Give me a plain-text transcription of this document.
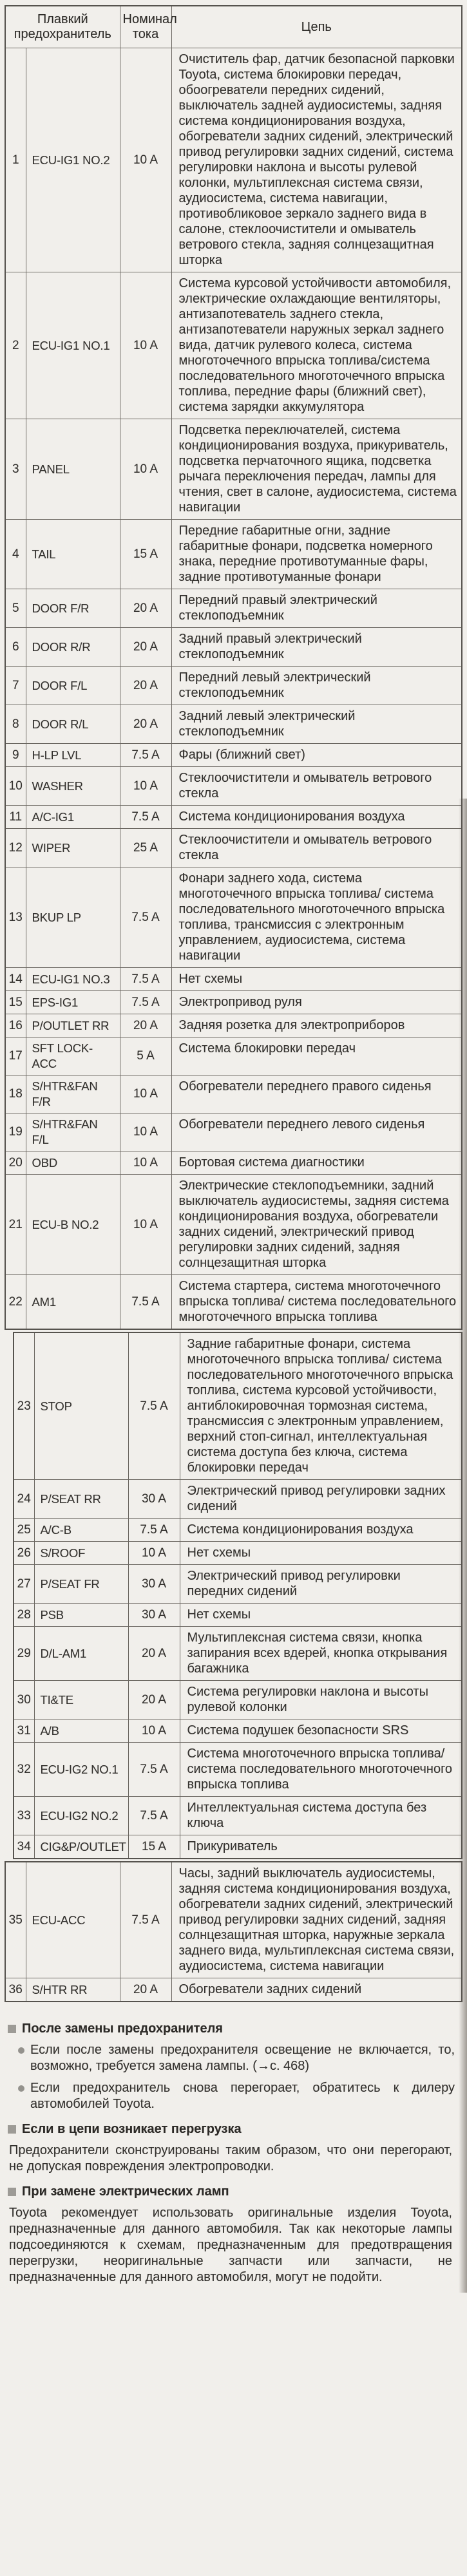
Плавкий предохранитель		Номинал тока	Цепь
1	ECU-IG1 NO.2	10 A	Очиститель фар, датчик безопасной парковки Toyota, система блокировки передач, обоогреватели передних сидений, выключатель задней аудиосистемы, задняя система кондиционирования воздуха, обогреватели задних сидений, электрический привод регулировки задних сидений, система регулировки наклона и высоты рулевой колонки, мультиплексная система связи, аудиосистема, система навигации, противобликовое зеркало заднего вида в салоне, стеклоочистители и омыватель ветрового стекла, задняя солнцезащитная шторка
2	ECU-IG1 NO.1	10 A	Система курсовой устойчивости автомобиля, электрические охлаждающие вентиляторы, антизапотеватель заднего стекла, антизапотеватели наружных зеркал заднего вида, датчик рулевого колеса, система многоточечного впрыска топлива/система последовательного многоточечного впрыска топлива, передние фары (ближний свет), система зарядки аккумулятора
3	PANEL	10 A	Подсветка переключателей, система кондиционирования воздуха, прикуриватель, подсветка перчаточного ящика, подсветка рычага переключения передач, лампы для чтения, свет в салоне, аудиосистема, система навигации
4	TAIL	15 A	Передние габаритные огни, задние габаритные фонари, подсветка номерного знака, передние противотуманные фары, задние противотуманные фонари
5	DOOR F/R	20 A	Передний правый электрический стеклоподъемник
6	DOOR R/R	20 A	Задний правый электрический стеклоподъемник
7	DOOR F/L	20 A	Передний левый электрический стеклоподъемник
8	DOOR R/L	20 A	Задний левый электрический стеклоподъемник
9	H-LP LVL	7.5 A	Фары (ближний свет)
10	WASHER	10 A	Стеклоочистители и омыватель ветрового стекла
11	A/C-IG1	7.5 A	Система кондиционирования воздуха
12	WIPER	25 A	Стеклоочистители и омыватель ветрового стекла
13	BKUP LP	7.5 A	Фонари заднего хода, система многоточечного впрыска топлива/ система последовательного многоточечного впрыска топлива, трансмиссия с электронным управлением, аудиосистема, система навигации
14	ECU-IG1 NO.3	7.5 A	Нет схемы
15	EPS-IG1	7.5 A	Электропривод руля
16	P/OUTLET RR	20 A	Задняя розетка для электроприборов
17	SFT LOCK-ACC	5 A	Система блокировки передач
18	S/HTR&FAN F/R	10 A	Обогреватели переднего правого сиденья
19	S/HTR&FAN F/L	10 A	Обогреватели переднего левого сиденья
20	OBD	10 A	Бортовая система диагностики
21	ECU-B NO.2	10 A	Электрические стеклоподъемники, задний выключатель аудиосистемы, задняя система кондиционирования воздуха, обогреватели задних сидений, электрический привод регулировки задних сидений, задняя солнцезащитная шторка
22	AM1	7.5 A	Система стартера, система многоточечного впрыска топлива/ система последовательного многоточечного впрыска топлива
23	STOP	7.5 A	Задние габаритные фонари, система многоточечного впрыска топлива/ система последовательного многоточечного впрыска топлива, система курсовой устойчивости, антиблокировочная тормозная система, трансмиссия с электронным управлением, верхний стоп-сигнал, интеллектуальная система доступа без ключа, система блокировки передач
24	P/SEAT RR	30 A	Электрический привод регулировки задних сидений
25	A/C-B	7.5 A	Система кондиционирования воздуха
26	S/ROOF	10 A	Нет схемы
27	P/SEAT FR	30 A	Электрический привод регулировки передних сидений
28	PSB	30 A	Нет схемы
29	D/L-AM1	20 A	Мультиплексная система связи, кнопка запирания всех вдерей, кнопка открывания багажника
30	TI&TE	20 A	Система регулировки наклона и высоты рулевой колонки
31	A/B	10 A	Система подушек безопасности SRS
32	ECU-IG2 NO.1	7.5 A	Система многоточечного впрыска топлива/система последовательного многоточечного впрыска топлива
33	ECU-IG2 NO.2	7.5 A	Интеллектуальная система доступа без ключа
34	CIG&P/OUTLET	15 A	Прикуриватель
35	ECU-ACC	7.5 A	Часы, задний выключатель аудиосистемы, задняя система кондиционирования воздуха, обогреватели задних сидений, электрический привод регулировки задних сидений, задняя солнцезащитная шторка, наружные зеркала заднего вида, мультиплексная система связи, аудиосистема, система навигации
36	S/HTR RR	20 A	Обогреватели задних сидений
После замены предохранителя
Если после замены предохранителя освещение не включается, то, возможно, требуется замена лампы. (→с. 468)
Если предохранитель снова перегорает, обратитесь к дилеру автомобилей Toyota.
Если в цепи возникает перегрузка
Предохранители сконструированы таким образом, что они перегорают, не допуская повреждения электропроводки.
При замене электрических ламп
Toyota рекомендует использовать оригинальные изделия Toyota, предназначенные для данного автомобиля. Так как некоторые лампы подсоединяются к схемам, предназначенным для предотвращения перегрузки, неоригинальные запчасти или запчасти, не предназначенные для данного автомобиля, могут не подойти.
